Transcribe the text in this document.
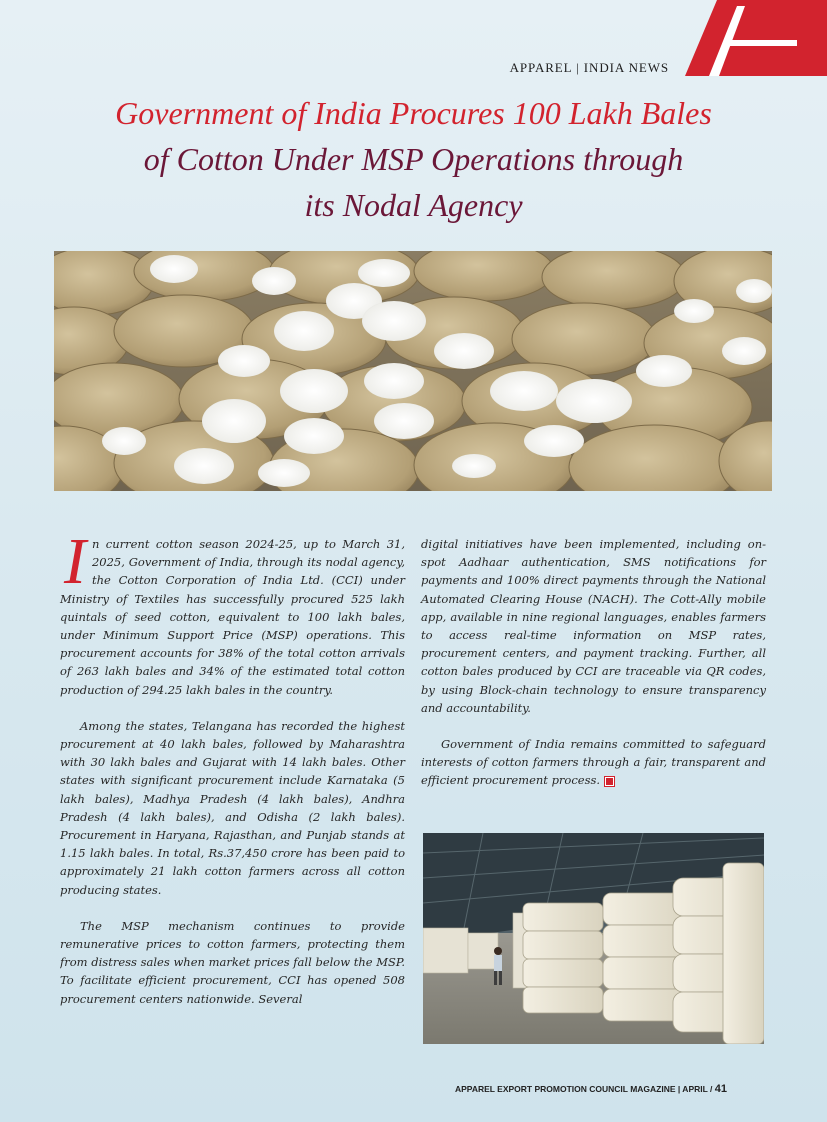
APPAREL | INDIA NEWS
Government of India Procures 100 Lakh Bales
of Cotton Under MSP Operations through
its Nodal Agency

In current cotton season 2024-25, up to March 31, 2025, Government of India, through its nodal agency, the Cotton Corporation of India Ltd. (CCI) under Ministry of Textiles has successfully procured 525 lakh quintals of seed cotton, equivalent to 100 lakh bales, under Minimum Support Price (MSP) operations. This procurement accounts for 38% of the total cotton arrivals of 263 lakh bales and 34% of the estimated total cotton production of 294.25 lakh bales in the country.

Among the states, Telangana has recorded the highest procurement at 40 lakh bales, followed by Maharashtra with 30 lakh bales and Gujarat with 14 lakh bales. Other states with significant procurement include Karnataka (5 lakh bales), Madhya Pradesh (4 lakh bales), Andhra Pradesh (4 lakh bales), and Odisha (2 lakh bales). Procurement in Haryana, Rajasthan, and Punjab stands at 1.15 lakh bales. In total, Rs.37,450 crore has been paid to approximately 21 lakh cotton farmers across all cotton producing states.

The MSP mechanism continues to provide remunerative prices to cotton farmers, protecting them from distress sales when market prices fall below the MSP. To facilitate efficient procurement, CCI has opened 508 procurement centers nationwide. Several

digital initiatives have been implemented, including on-spot Aadhaar authentication, SMS notifications for payments and 100% direct payments through the National Automated Clearing House (NACH). The Cott-Ally mobile app, available in nine regional languages, enables farmers to access real-time information on MSP rates, procurement centers, and payment tracking. Further, all cotton bales produced by CCI are traceable via QR codes, by using Block-chain technology to ensure transparency and accountability.

Government of India remains committed to safeguard interests of cotton farmers through a fair, transparent and efficient procurement process.

APPAREL EXPORT PROMOTION COUNCIL MAGAZINE | APRIL / 41
